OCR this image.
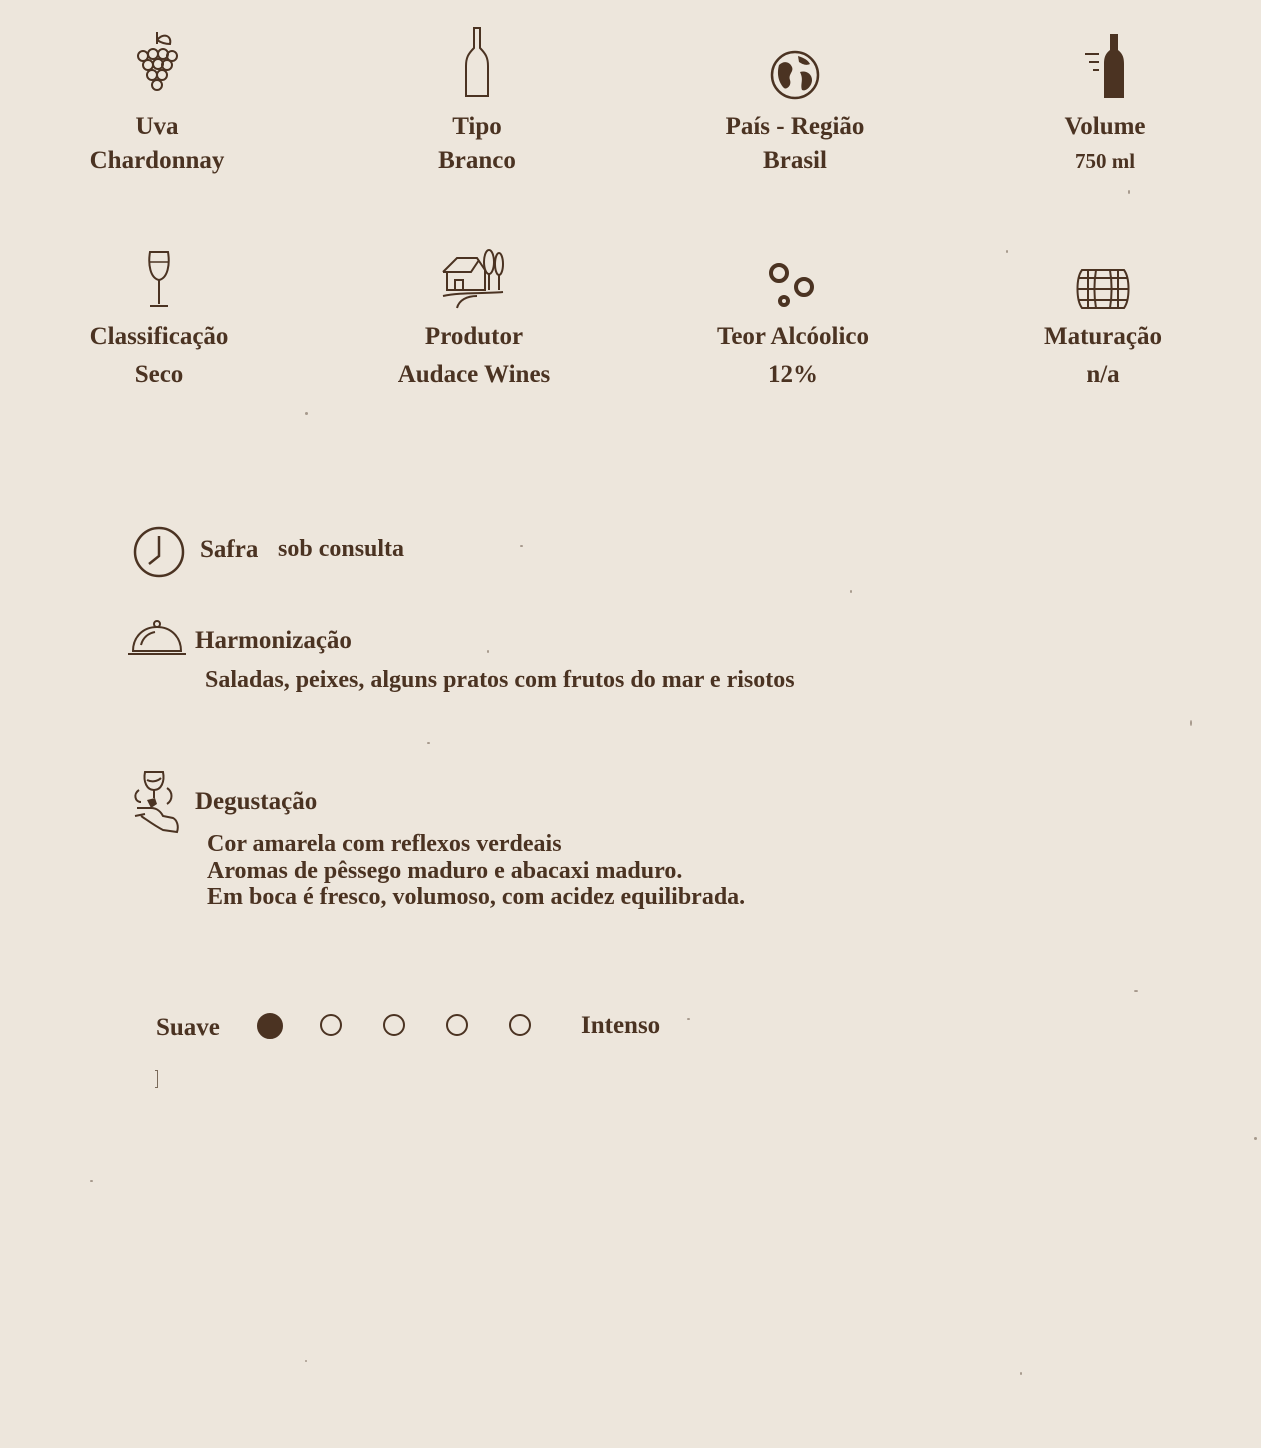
Uva
Chardonnay
Tipo
Branco
País - Região
Brasil
Volume
750 ml
Classificação
Seco
Produtor
Audace Wines
Teor Alcóolico
12%
Maturação
n/a
Safra sob consulta
Harmonização
Saladas, peixes, alguns pratos com frutos do mar e risotos
Degustação
Cor amarela com reflexos verdeais
Aromas de pêssego maduro e abacaxi maduro.
Em boca é fresco, volumoso, com acidez equilibrada.
Suave	Intenso
